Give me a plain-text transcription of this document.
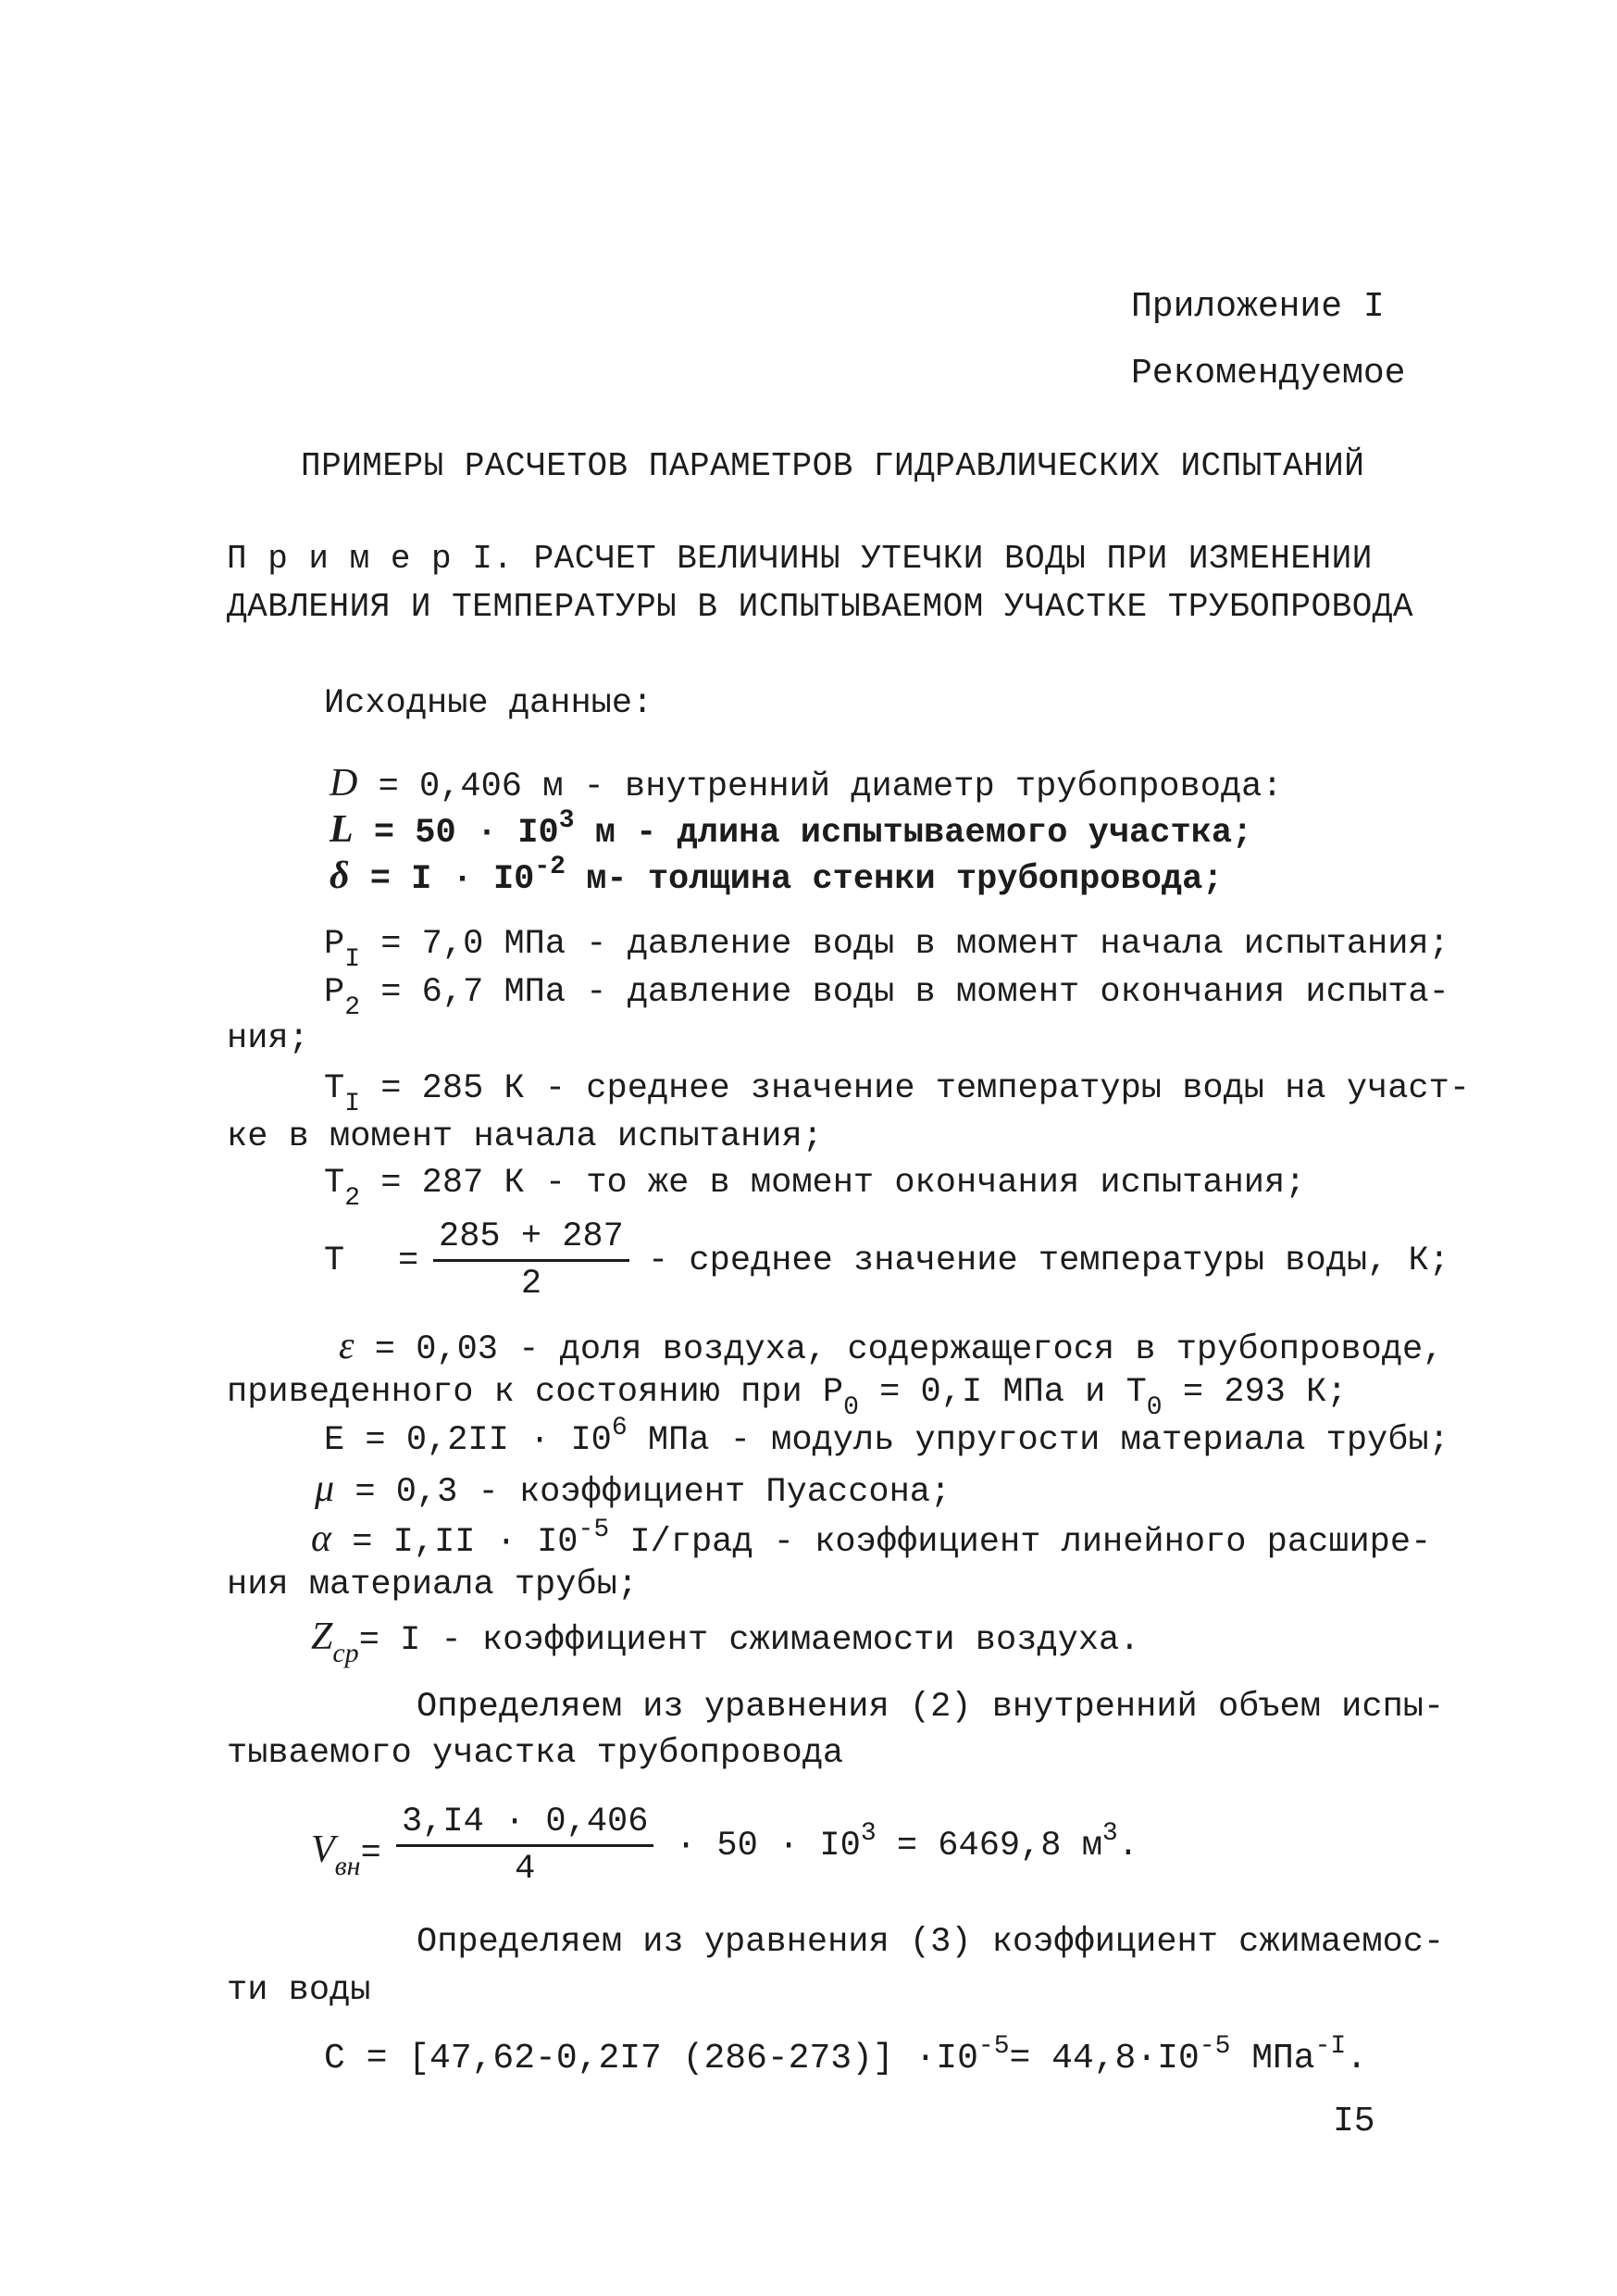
Приложение I
Рекомендуемое
ПРИМЕРЫ РАСЧЕТОВ ПАРАМЕТРОВ ГИДРАВЛИЧЕСКИХ ИСПЫТАНИЙ
П р и м е р I. РАСЧЕТ ВЕЛИЧИНЫ УТЕЧКИ ВОДЫ ПРИ ИЗМЕНЕНИИ
ДАВЛЕНИЯ И ТЕМПЕРАТУРЫ В ИСПЫТЫВАЕМОМ УЧАСТКЕ ТРУБОПРОВОДА
Исходные данные:
D = 0,406 м - внутренний диаметр трубопровода:
$L = 50 \cdot I0^3$ м - длина испытываемого участка;
$\delta = I \cdot I0^{-2}$ м- толщина стенки трубопровода;
$P_I = 7,0$ МПа - давление воды в момент начала испытания;
$P_2 = 6,7$ МПа - давление воды в момент окончания испыта-
ния;
$T_I = 285$ К - среднее значение температуры воды на участ-
ке в момент начала испытания;
$T_2 = 287$ К - то же в момент окончания испытания;
$T = \frac{285 + 287}{2}$ - среднее значение температуры воды, К;
ε = 0,03 - доля воздуха, содержащегося в трубопроводе,
приведенного к состоянию при $P_0 = 0,I$ МПа и $T_0 = 293$ К;
$E = 0,2II \cdot I0^6$ МПа - модуль упругости материала трубы;
μ = 0,3 - коэффициент Пуассона;
$\alpha = I,II \cdot I0^{-5}$ I/град - коэффициент линейного расшире-
ния материала трубы;
$Z_{ср}= I$ - коэффициент сжимаемости воздуха.
Определяем из уравнения (2) внутренний объем испы-
тываемого участка трубопровода
$V_{вн}= \frac{3,I4 \cdot 0,406}{4} \cdot 50 \cdot I0^3 = 6469,8$ $м^3$.
Определяем из уравнения (3) коэффициент сжимаемос-
ти воды
C = [47,62-0,2I7 $(286-273)] \cdot I0^{-5}= 44,8\cdot I0^{-5}$ МПа$^{-I}$.
I5
